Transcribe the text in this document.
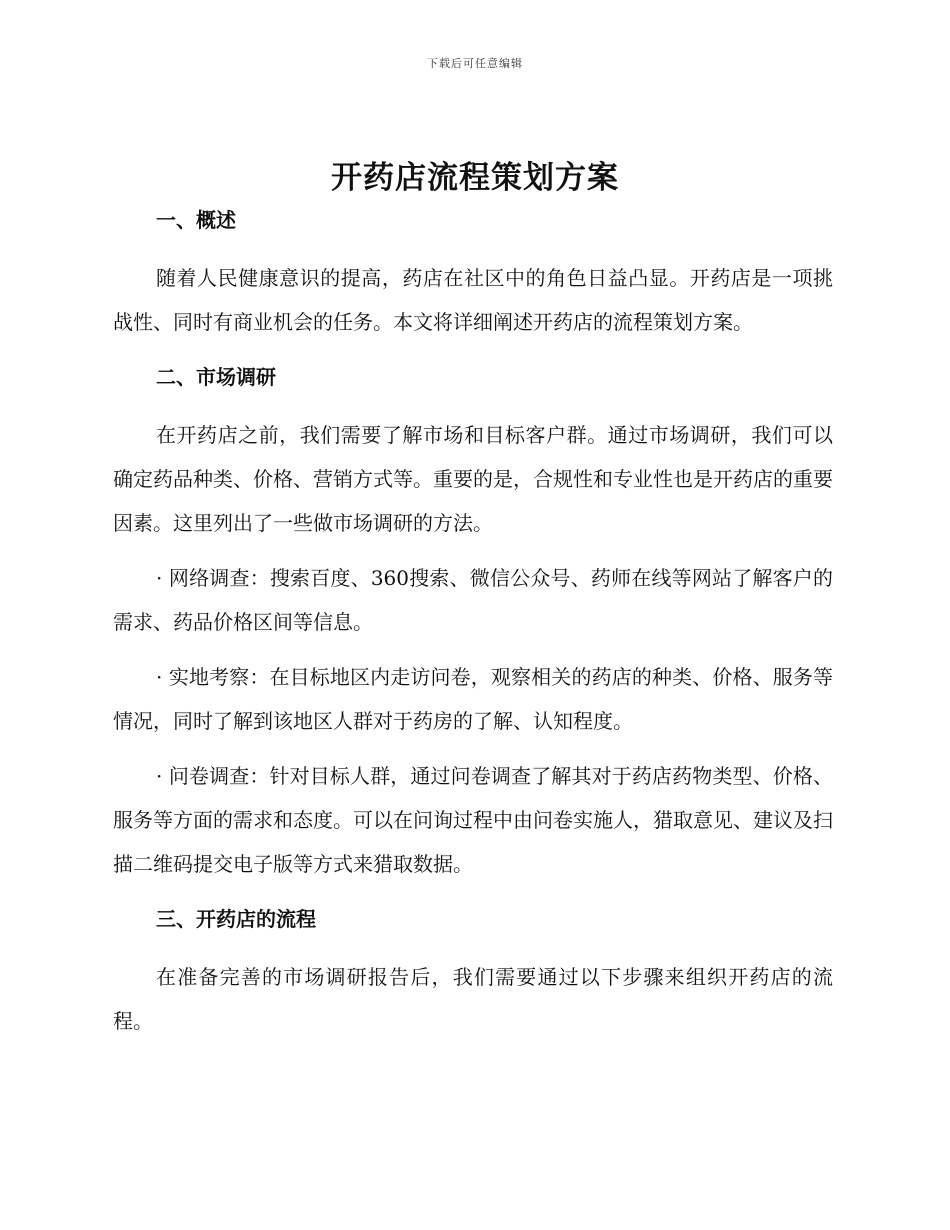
下载后可任意编辑
开药店流程策划方案
一、概述

随着人民健康意识的提高，药店在社区中的角色日益凸显。开药店是一项挑战性、同时有商业机会的任务。本文将详细阐述开药店的流程策划方案。

二、市场调研

在开药店之前，我们需要了解市场和目标客户群。通过市场调研，我们可以确定药品种类、价格、营销方式等。重要的是，合规性和专业性也是开药店的重要因素。这里列出了一些做市场调研的方法。

· 网络调查：搜索百度、360搜索、微信公众号、药师在线等网站了解客户的需求、药品价格区间等信息。

· 实地考察：在目标地区内走访问卷，观察相关的药店的种类、价格、服务等情况，同时了解到该地区人群对于药房的了解、认知程度。

· 问卷调查：针对目标人群，通过问卷调查了解其对于药店药物类型、价格、服务等方面的需求和态度。可以在问询过程中由问卷实施人，猎取意见、建议及扫描二维码提交电子版等方式来猎取数据。

三、开药店的流程

在准备完善的市场调研报告后，我们需要通过以下步骤来组织开药店的流程。
